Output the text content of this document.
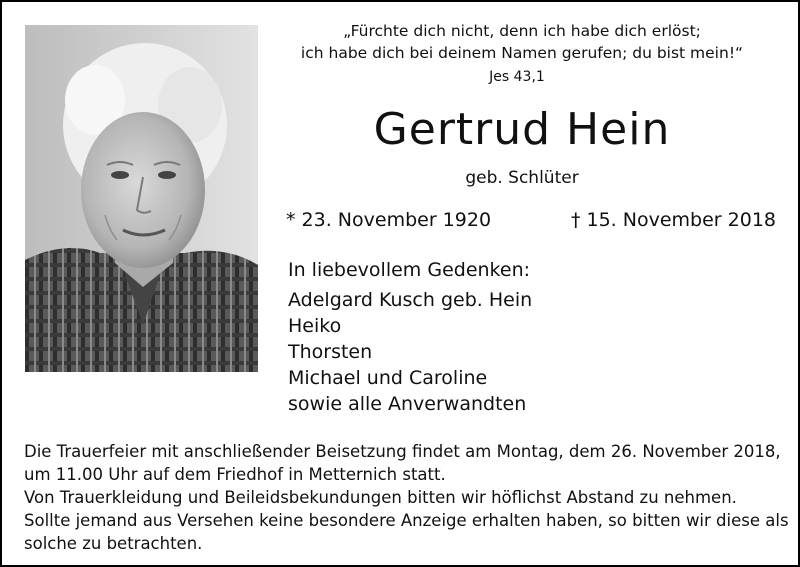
„Fürchte dich nicht, denn ich habe dich erlöst;
ich habe dich bei deinem Namen gerufen; du bist mein!“
Jes 43,1
Gertrud Hein
geb. Schlüter
* 23. November 1920	† 15. November 2018
In liebevollem Gedenken:
Adelgard Kusch geb. Hein
Heiko
Thorsten
Michael und Caroline
sowie alle Anverwandten
Die Trauerfeier mit anschließender Beisetzung findet am Montag, dem 26. November 2018,
um 11.00 Uhr auf dem Friedhof in Metternich statt.
Von Trauerkleidung und Beileidsbekundungen bitten wir höflichst Abstand zu nehmen.
Sollte jemand aus Versehen keine besondere Anzeige erhalten haben, so bitten wir diese als
solche zu betrachten.
